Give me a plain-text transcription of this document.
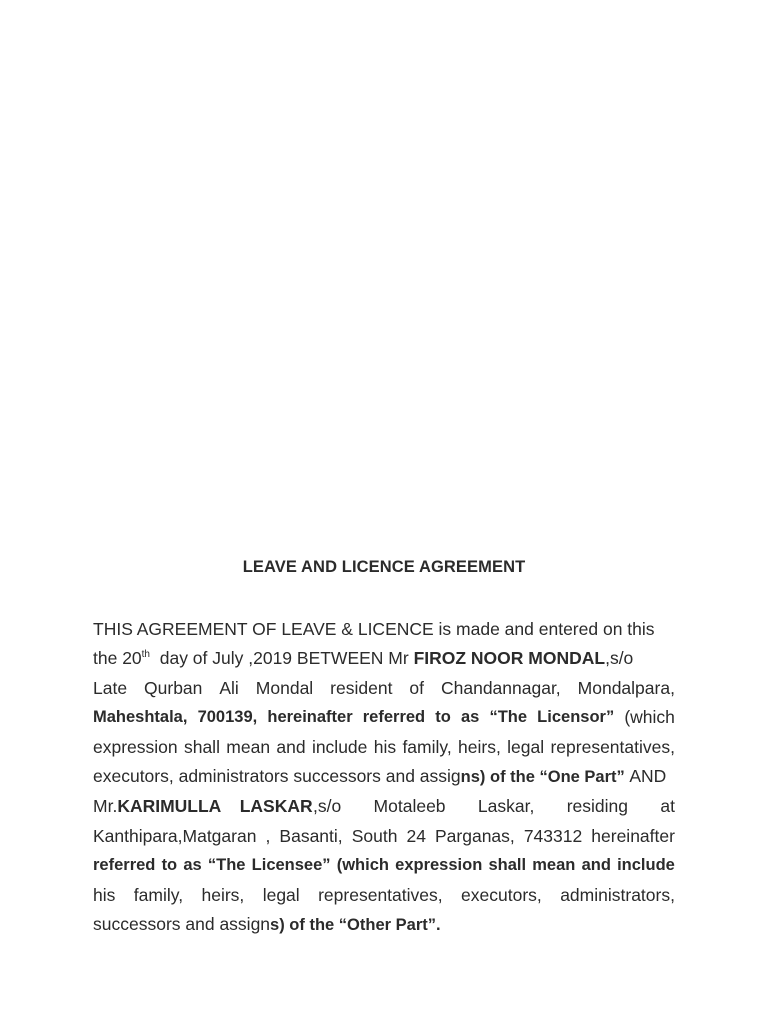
LEAVE AND LICENCE AGREEMENT
THIS AGREEMENT OF LEAVE & LICENCE is made and entered on this
the 20th  day of July ,2019 BETWEEN Mr FIROZ NOOR MONDAL,s/o
Late Qurban Ali Mondal resident of Chandannagar, Mondalpara,
Maheshtala, 700139, hereinafter referred to as “The Licensor” (which
expression shall mean and include his family, heirs, legal representatives,
executors, administrators successors and assigns) of the “One Part” AND
Mr.KARIMULLA LASKAR ,s/o Motaleeb Laskar, residing at
Kanthipara,Matgaran , Basanti, South 24 Parganas, 743312 hereinafter
referred to as “The Licensee” (which expression shall mean and include
his family, heirs, legal representatives, executors, administrators,
successors and assigns) of the “Other Part”.
